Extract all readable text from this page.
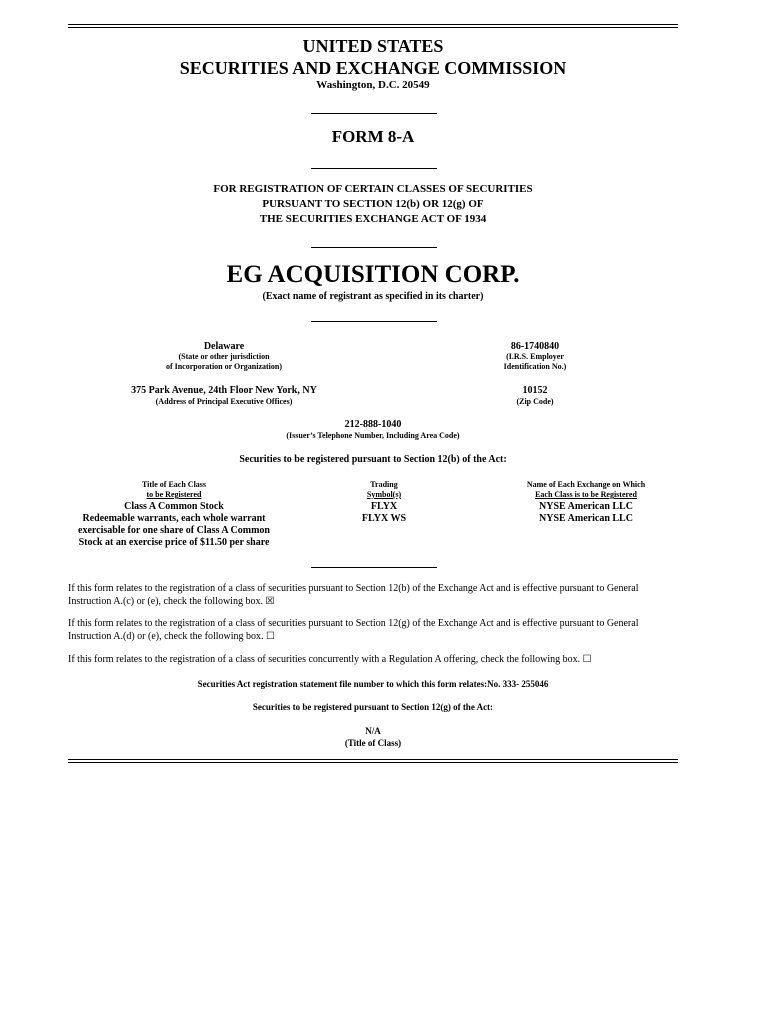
UNITED STATES
SECURITIES AND EXCHANGE COMMISSION
Washington, D.C. 20549
FORM 8-A
FOR REGISTRATION OF CERTAIN CLASSES OF SECURITIES
PURSUANT TO SECTION 12(b) OR 12(g) OF
THE SECURITIES EXCHANGE ACT OF 1934
EG ACQUISITION CORP.
(Exact name of registrant as specified in its charter)
Delaware
(State or other jurisdiction
of Incorporation or Organization)
86-1740840
(I.R.S. Employer
Identification No.)
375 Park Avenue, 24th Floor New York, NY
(Address of Principal Executive Offices)
10152
(Zip Code)
212-888-1040
(Issuer’s Telephone Number, Including Area Code)
Securities to be registered pursuant to Section 12(b) of the Act:
Title of Each Class
to be Registered
Trading
Symbol(s)
Name of Each Exchange on Which
Each Class is to be Registered
Class A Common Stock
Redeemable warrants, each whole warrant
exercisable for one share of Class A Common
Stock at an exercise price of $11.50 per share
FLYX
FLYX WS
NYSE American LLC
NYSE American LLC
If this form relates to the registration of a class of securities pursuant to Section 12(b) of the Exchange Act and is effective pursuant to General Instruction A.(c) or (e), check the following box. ☒
If this form relates to the registration of a class of securities pursuant to Section 12(g) of the Exchange Act and is effective pursuant to General Instruction A.(d) or (e), check the following box. ☐
If this form relates to the registration of a class of securities concurrently with a Regulation A offering, check the following box. ☐
Securities Act registration statement file number to which this form relates:No. 333- 255046
Securities to be registered pursuant to Section 12(g) of the Act:
N/A
(Title of Class)
